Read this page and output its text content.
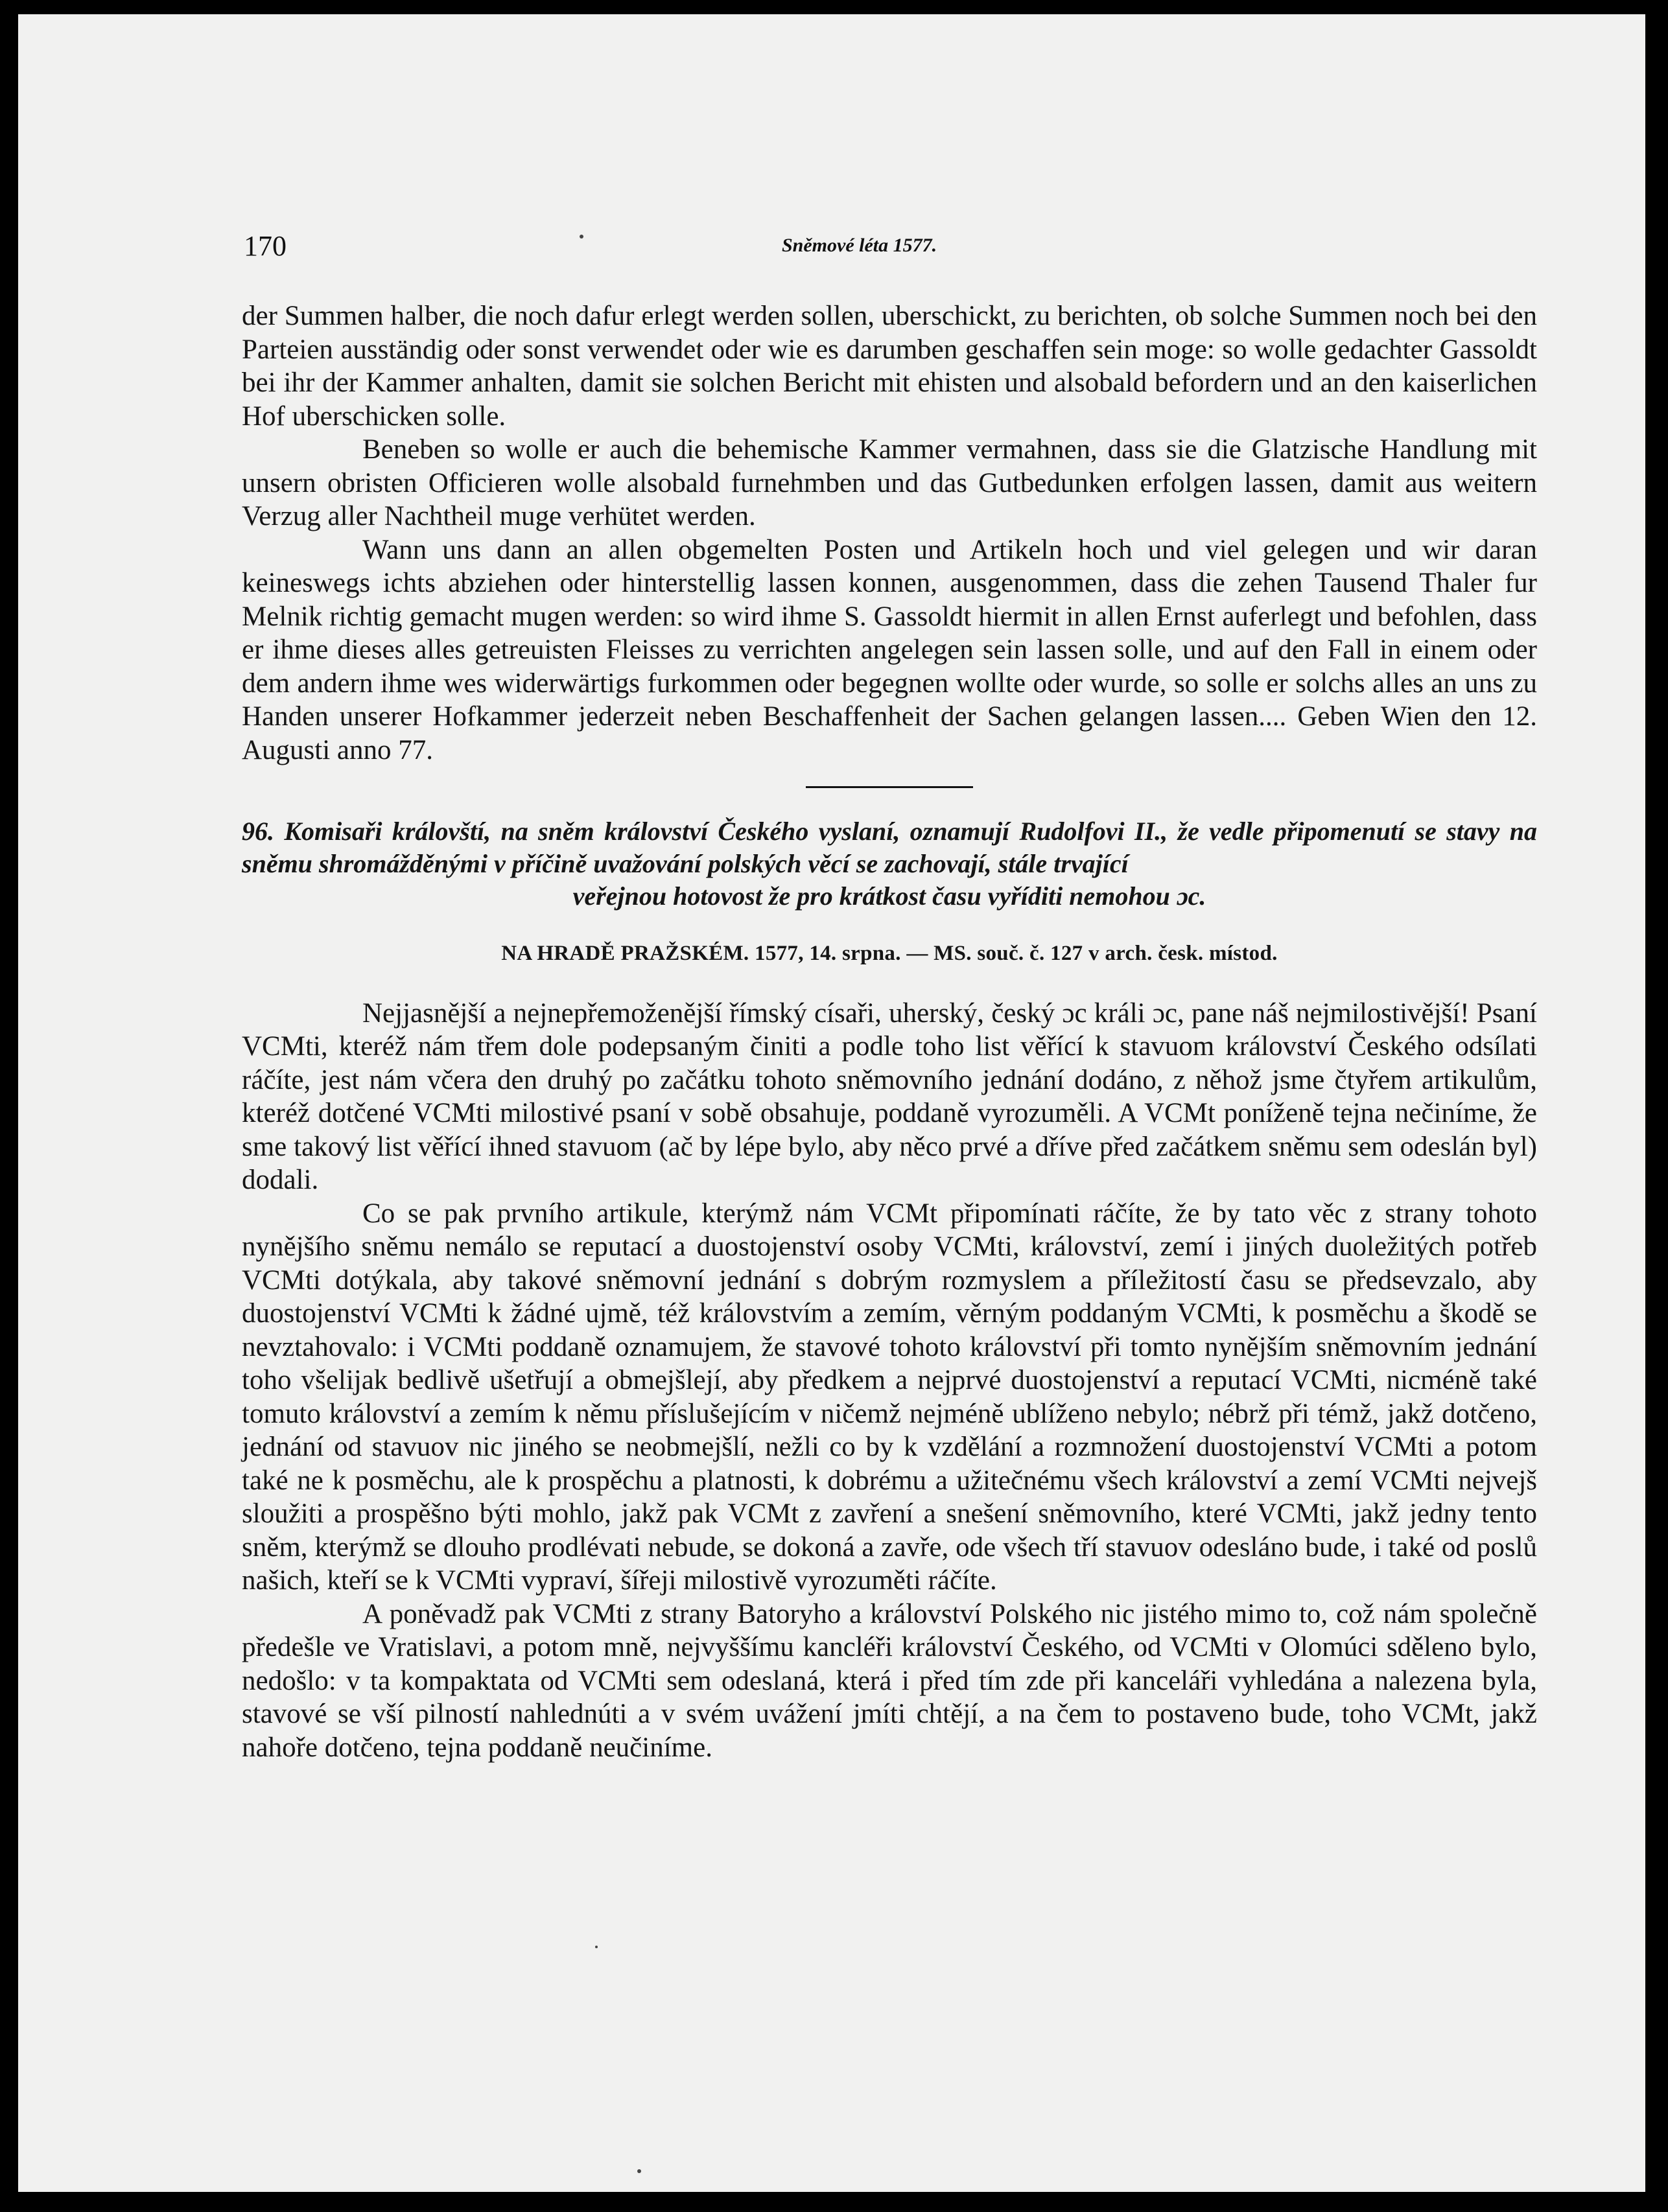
170	Sněmové léta 1577.

der Summen halber, die noch dafur erlegt werden sollen, uberschickt, zu berichten, ob solche Summen noch bei den Parteien ausständig oder sonst verwendet oder wie es darumben geschaffen sein moge: so wolle gedachter Gassoldt bei ihr der Kammer anhalten, damit sie solchen Bericht mit ehisten und alsobald befordern und an den kaiserlichen Hof uberschicken solle.

Beneben so wolle er auch die behemische Kammer vermahnen, dass sie die Glatzische Handlung mit unsern obristen Officieren wolle alsobald furnehmben und das Gutbedunken erfolgen lassen, damit aus weitern Verzug aller Nachtheil muge verhütet werden.

Wann uns dann an allen obgemelten Posten und Artikeln hoch und viel gelegen und wir daran keineswegs ichts abziehen oder hinterstellig lassen konnen, ausgenommen, dass die zehen Tausend Thaler fur Melnik richtig gemacht mugen werden: so wird ihme S. Gassoldt hiermit in allen Ernst auferlegt und befohlen, dass er ihme dieses alles getreuisten Fleisses zu verrichten angelegen sein lassen solle, und auf den Fall in einem oder dem andern ihme wes widerwärtigs furkommen oder begegnen wollte oder wurde, so solle er solchs alles an uns zu Handen unserer Hofkammer jederzeit neben Beschaffenheit der Sachen gelangen lassen.... Geben Wien den 12. Augusti anno 77.

96. Komisaři královští, na sněm království Českého vyslaní, oznamují Rudolfovi II., že vedle připomenutí se stavy na sněmu shromážděnými v příčině uvažování polských věcí se zachovají, stále trvající
veřejnou hotovost že pro krátkost času vyříditi nemohou ɔc.
NA HRADĚ PRAŽSKÉM. 1577, 14. srpna. — MS. souč. č. 127 v arch. česk. místod.

Nejjasnější a nejnepřemoženější římský císaři, uherský, český ɔc králi ɔc, pane náš nejmilostivější! Psaní VCMti, kteréž nám třem dole podepsaným činiti a podle toho list věřící k stavuom království Českého odsílati ráčíte, jest nám včera den druhý po začátku tohoto sněmovního jednání dodáno, z něhož jsme čtyřem artikulům, kteréž dotčené VCMti milostivé psaní v sobě obsahuje, poddaně vyrozuměli. A VCMt poníženě tejna nečiníme, že sme takový list věřící ihned stavuom (ač by lépe bylo, aby něco prvé a dříve před začátkem sněmu sem odeslán byl) dodali.

Co se pak prvního artikule, kterýmž nám VCMt připomínati ráčíte, že by tato věc z strany tohoto nynějšího sněmu nemálo se reputací a duostojenství osoby VCMti, království, zemí i jiných duoležitých potřeb VCMti dotýkala, aby takové sněmovní jednání s dobrým rozmyslem a příležitostí času se předsevzalo, aby duostojenství VCMti k žádné ujmě, též královstvím a zemím, věrným poddaným VCMti, k posměchu a škodě se nevztahovalo: i VCMti poddaně oznamujem, že stavové tohoto království při tomto nynějším sněmovním jednání toho všelijak bedlivě ušetřují a obmejšlejí, aby předkem a nejprvé duostojenství a reputací VCMti, nicméně také tomuto království a zemím k němu příslušejícím v ničemž nejméně ublíženo nebylo; nébrž při témž, jakž dotčeno, jednání od stavuov nic jiného se neobmejšlí, nežli co by k vzdělání a rozmnožení duostojenství VCMti a potom také ne k posměchu, ale k prospěchu a platnosti, k dobrému a užitečnému všech království a zemí VCMti nejvejš sloužiti a prospěšno býti mohlo, jakž pak VCMt z zavření a snešení sněmovního, které VCMti, jakž jedny tento sněm, kterýmž se dlouho prodlévati nebude, se dokoná a zavře, ode všech tří stavuov odesláno bude, i také od poslů našich, kteří se k VCMti vypraví, šířeji milostivě vyrozuměti ráčíte.

A poněvadž pak VCMti z strany Batoryho a království Polského nic jistého mimo to, což nám společně předešle ve Vratislavi, a potom mně, nejvyššímu kancléři království Českého, od VCMti v Olomúci sděleno bylo, nedošlo: v ta kompaktata od VCMti sem odeslaná, která i před tím zde při kanceláři vyhledána a nalezena byla, stavové se vší pilností nahlednúti a v svém uvážení jmíti chtějí, a na čem to postaveno bude, toho VCMt, jakž nahoře dotčeno, tejna poddaně neučiníme.
